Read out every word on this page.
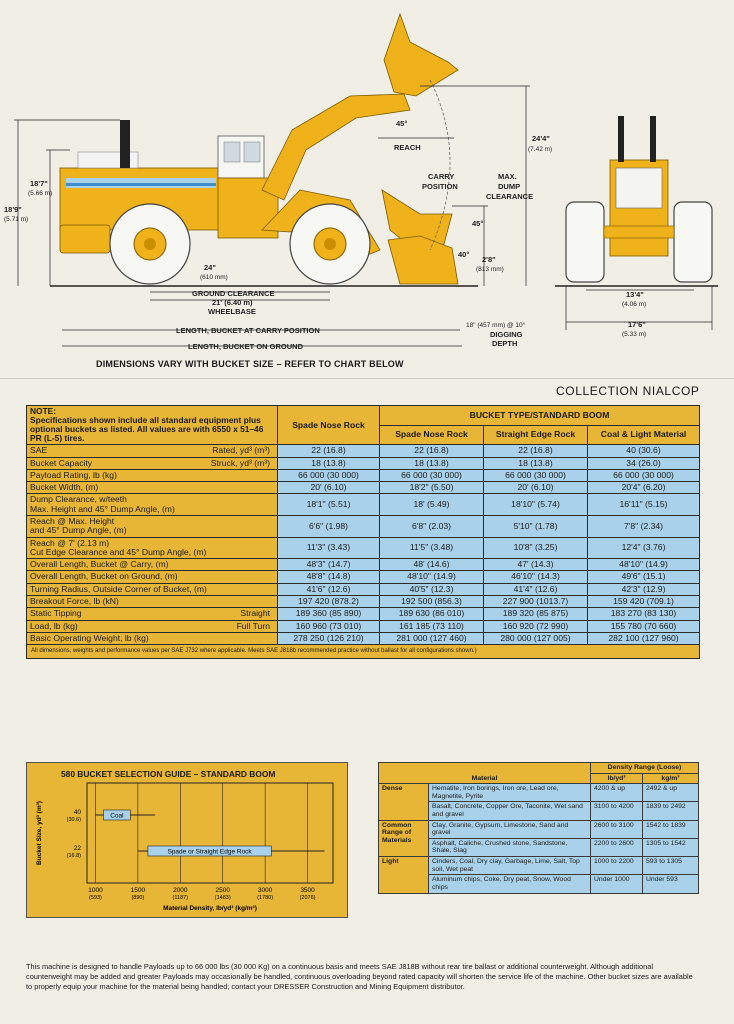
18'9"
(5.71 m)
18'7"
(5.66 m)
45°
REACH
24'4"
(7.42 m)
CARRY
POSITION
MAX.
DUMP
CLEARANCE
45°
40°
2'8"
(813 mm)
24"
(610 mm)
GROUND CLEARANCE
21' (6.40 m)
WHEELBASE
LENGTH, BUCKET AT CARRY POSITION
LENGTH, BUCKET ON GROUND
18" (457 mm) @ 10°
DIGGING
DEPTH
13'4"
(4.06 m)
17'6"
(5.33 m)
DIMENSIONS VARY WITH BUCKET SIZE – REFER TO CHART BELOW
COLLECTION NIALCOP
NOTE:
Specifications shown include all standard equipment plus optional buckets as listed. All values are with 6550 x 51–46 PR (L-5) tires.	Spade Nose Rock	BUCKET TYPE/STANDARD BOOM		
		Spade Nose Rock	Straight Edge Rock	Coal & Light Material

SAE Rated, yd³ (m³)	22 (16.8)	22 (16.8)	22 (16.8)	40 (30.6)

Bucket Capacity Struck, yd³ (m³)	18 (13.8)	18 (13.8)	18 (13.8)	34 (26.0)

Payload Rating, lb (kg)	66 000 (30 000)	66 000 (30 000)	66 000 (30 000)	66 000 (30 000)

Bucket Width, (m)	20' (6.10)	18'2" (5.50)	20' (6.10)	20'4" (6.20)

Dump Clearance, w/teeth
Max. Height and 45° Dump Angle, (m)	18'1" (5.51)	18' (5.49)	18'10" (5.74)	16'11" (5.15)

Reach @ Max. Height
and 45° Dump Angle, (m)	6'6" (1.98)	6'8" (2.03)	5'10" (1.78)	7'8" (2.34)

Reach @ 7' (2.13 m)
Cut Edge Clearance and 45° Dump Angle, (m)	11'3" (3.43)	11'5" (3.48)	10'8" (3.25)	12'4" (3.76)

Overall Length, Bucket @ Carry, (m)	48'3" (14.7)	48' (14.6)	47' (14.3)	48'10" (14.9)

Overall Length, Bucket on Ground, (m)	48'8" (14.8)	48'10" (14.9)	46'10" (14.3)	49'6" (15.1)

Turning Radius, Outside Corner of Bucket, (m)	41'6" (12.6)	40'5" (12.3)	41'4" (12.6)	42'3" (12.9)

Breakout Force, lb (kN)	197 420 (878.2)	192 500 (856.3)	227 900 (1013.7)	159 420 (709.1)

Static Tipping Straight	189 360 (85 890)	189 630 (86 010)	189 320 (85 875)	183 270 (83 130)

Load, lb (kg) Full Turn	160 960 (73 010)	161 185 (73 110)	160 920 (72 990)	155 780 (70 660)

Basic Operating Weight, lb (kg)	278 250 (126 210)	281 000 (127 460)	280 000 (127 005)	282 100 (127 960)
All dimensions, weights and performance values per SAE J732 where applicable. Meets SAE J818b recommended practice without ballast for all configurations shown.)				
580 BUCKET SELECTION GUIDE – STANDARD BOOM
1000
(593)
1500
(890)
2000
(1187)
2500
(1483)
3000
(1780)
3500
(2076)
40
(30.6)
22
(16.8)
Coal
Spade or Straight Edge Rock
Material Density, lb/yd³ (kg/m³)
Bucket Size, yd³ (m³)
Material		Density Range (Loose)	
		lb/yd³	kg/m³
Dense	Hematite, Iron borings, Iron ore, Lead ore, Magnetite, Pyrite	4200 & up	2492 & up
	Basalt, Concrete, Copper Ore, Taconite, Wet sand and gravel	3100 to 4200	1839 to 2492
Common Range of Materials	Clay, Granite, Gypsum, Limestone, Sand and gravel	2600 to 3100	1542 to 1839
	Asphalt, Caliche, Crushed stone, Sandstone, Shale, Slag	2200 to 2600	1305 to 1542
Light	Cinders, Coal, Dry clay, Garbage, Lime, Salt, Top soil, Wet peat	1000 to 2200	593 to 1305
	Aluminum chips, Coke, Dry peat, Snow, Wood chips	Under 1000	Under 593
This machine is designed to handle Payloads up to 66 000 lbs (30 000 Kg) on a continuous basis and meets SAE J818B without rear tire ballast or additional counterweight. Although additional counterweight may be added and greater Payloads may occasionally be handled, continuous overloading beyond rated capacity will shorten the service life of the machine. Other bucket sizes are available to properly equip your machine for the material being handled; contact your DRESSER Construction and Mining Equipment distributor.
